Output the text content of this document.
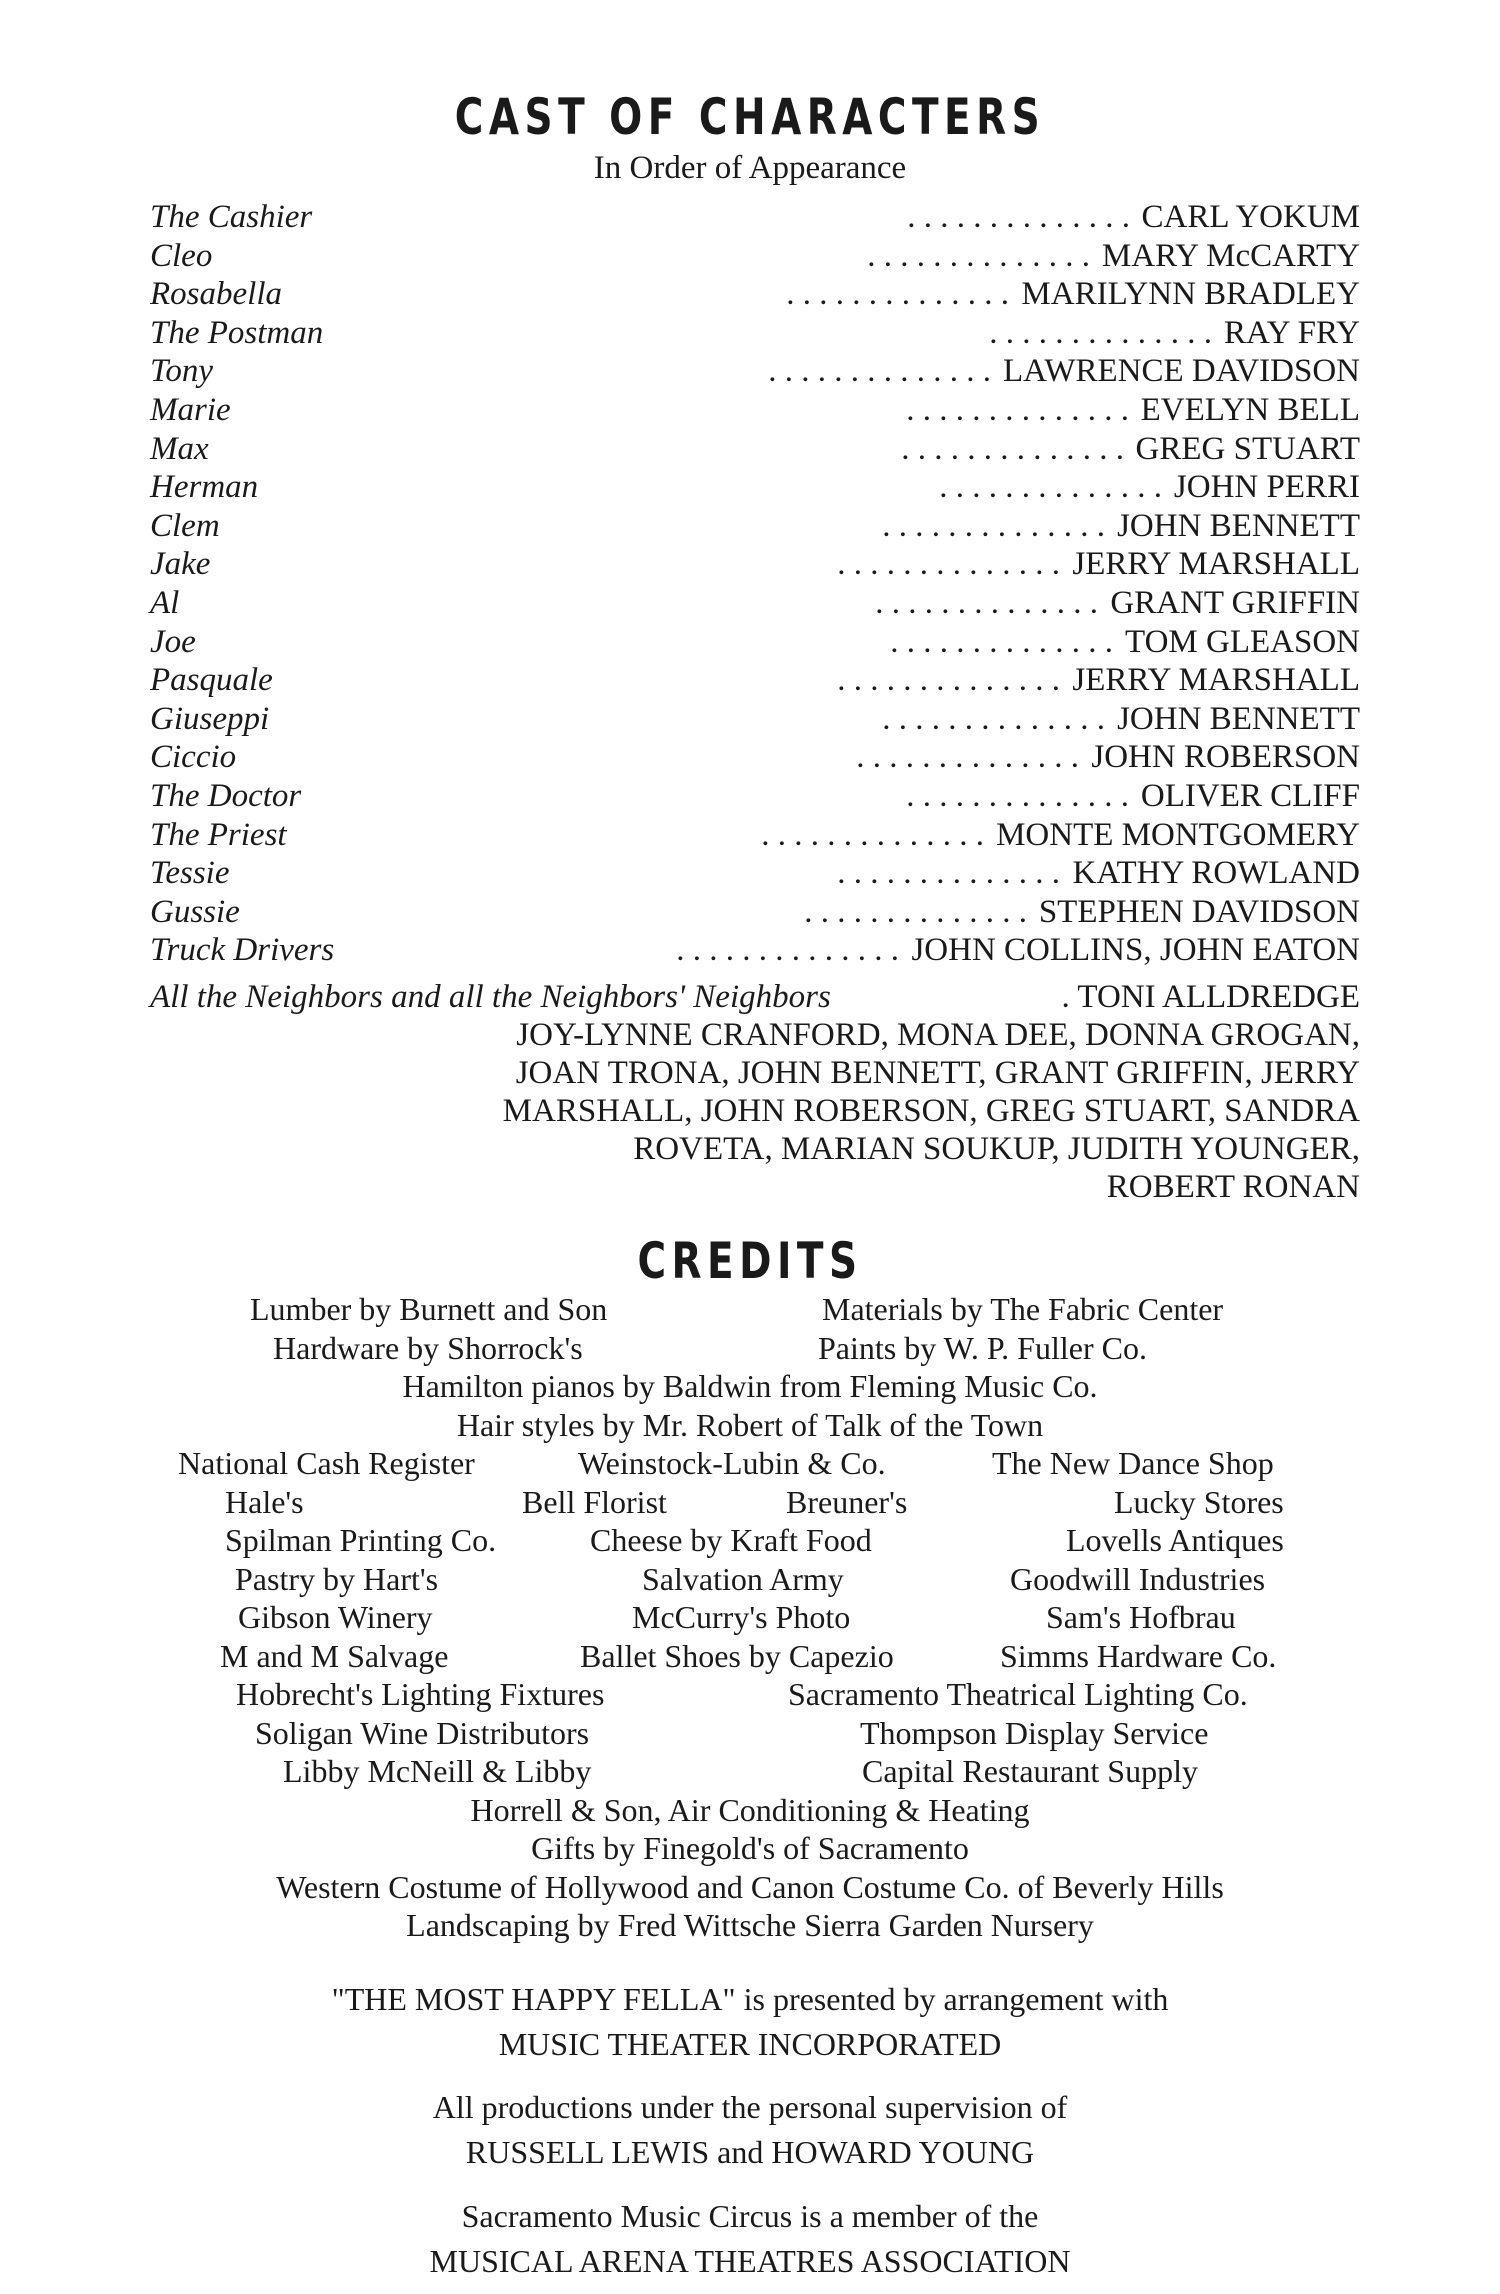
CAST OF CHARACTERS
In Order of Appearance
The Cashier	. . . . . . . . . . . . . . CARL YOKUM
Cleo	. . . . . . . . . . . . . . MARY McCARTY
Rosabella	. . . . . . . . . . . . . . MARILYNN BRADLEY
The Postman	. . . . . . . . . . . . . . RAY FRY
Tony	. . . . . . . . . . . . . . LAWRENCE DAVIDSON
Marie	. . . . . . . . . . . . . . EVELYN BELL
Max	. . . . . . . . . . . . . . GREG STUART
Herman	. . . . . . . . . . . . . . JOHN PERRI
Clem	. . . . . . . . . . . . . . JOHN BENNETT
Jake	. . . . . . . . . . . . . . JERRY MARSHALL
Al	. . . . . . . . . . . . . . GRANT GRIFFIN
Joe	. . . . . . . . . . . . . . TOM GLEASON
Pasquale	. . . . . . . . . . . . . . JERRY MARSHALL
Giuseppi	. . . . . . . . . . . . . . JOHN BENNETT
Ciccio	. . . . . . . . . . . . . . JOHN ROBERSON
The Doctor	. . . . . . . . . . . . . . OLIVER CLIFF
The Priest	. . . . . . . . . . . . . . MONTE MONTGOMERY
Tessie	. . . . . . . . . . . . . . KATHY ROWLAND
Gussie	. . . . . . . . . . . . . . STEPHEN DAVIDSON
Truck Drivers	. . . . . . . . . . . . . . JOHN COLLINS, JOHN EATON
All the Neighbors and all the Neighbors' Neighbors	. TONI ALLDREDGE
JOY-LYNNE CRANFORD, MONA DEE, DONNA GROGAN,
JOAN TRONA, JOHN BENNETT, GRANT GRIFFIN, JERRY
MARSHALL, JOHN ROBERSON, GREG STUART, SANDRA
ROVETA, MARIAN SOUKUP, JUDITH YOUNGER,
ROBERT RONAN
CREDITS
Lumber by Burnett and Son	Materials by The Fabric Center
Hardware by Shorrock's	Paints by W. P. Fuller Co.
Hamilton pianos by Baldwin from Fleming Music Co.
Hair styles by Mr. Robert of Talk of the Town
National Cash Register	Weinstock-Lubin & Co.	The New Dance Shop
Hale's	Bell Florist	Breuner's	Lucky Stores
Spilman Printing Co.	Cheese by Kraft Food	Lovells Antiques
Pastry by Hart's	Salvation Army	Goodwill Industries
Gibson Winery	McCurry's Photo	Sam's Hofbrau
M and M Salvage	Ballet Shoes by Capezio	Simms Hardware Co.
Hobrecht's Lighting Fixtures	Sacramento Theatrical Lighting Co.
Soligan Wine Distributors	Thompson Display Service
Libby McNeill & Libby	Capital Restaurant Supply
Horrell & Son, Air Conditioning & Heating
Gifts by Finegold's of Sacramento
Western Costume of Hollywood and Canon Costume Co. of Beverly Hills
Landscaping by Fred Wittsche Sierra Garden Nursery
"THE MOST HAPPY FELLA" is presented by arrangement with
MUSIC THEATER INCORPORATED
All productions under the personal supervision of
RUSSELL LEWIS and HOWARD YOUNG
Sacramento Music Circus is a member of the
MUSICAL ARENA THEATRES ASSOCIATION
